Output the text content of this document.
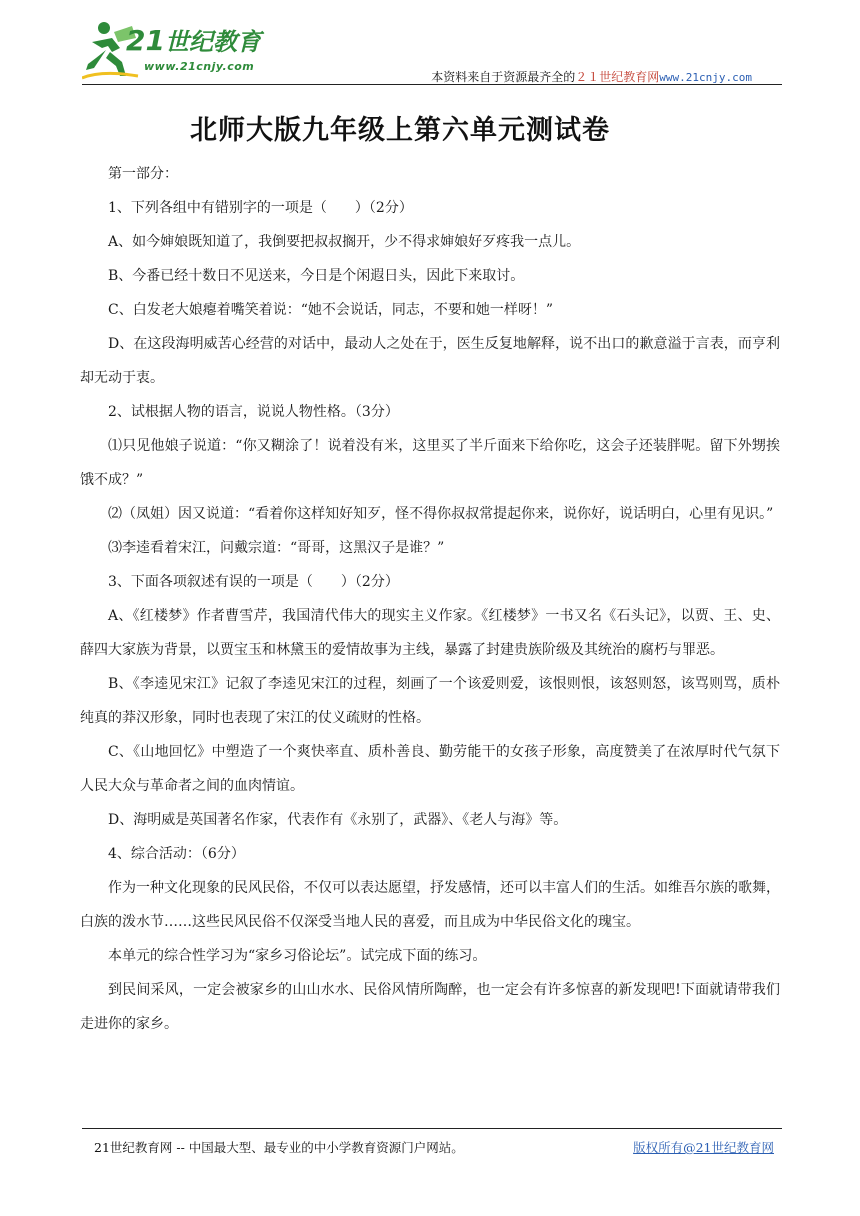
21世纪教育
www.21cnjy.com
本资料来自于资源最齐全的２１世纪教育网www.21cnjy.com
北师大版九年级上第六单元测试卷

第一部分：

1、下列各组中有错别字的一项是（　　）（2分）

A、如今婶娘既知道了，我倒要把叔叔搁开，少不得求婶娘好歹疼我一点儿。

B、今番已经十数日不见送来，今日是个闲遐日头，因此下来取讨。

C、白发老大娘瘪着嘴笑着说：“她不会说话，同志，不要和她一样呀！”

D、在这段海明威苦心经营的对话中，最动人之处在于，医生反复地解释，说不出口的歉意溢于言表，而亨利却无动于衷。

2、试根据人物的语言，说说人物性格。（3分）

⑴只见他娘子说道：“你又糊涂了！说着没有米，这里买了半斤面来下给你吃，这会子还装胖呢。留下外甥挨饿不成？”

⑵（凤姐）因又说道：“看着你这样知好知歹，怪不得你叔叔常提起你来，说你好，说话明白，心里有见识。”

⑶李逵看着宋江，问戴宗道：“哥哥，这黑汉子是谁？”

3、下面各项叙述有误的一项是（　　）（2分）

A、《红楼梦》作者曹雪芹，我国清代伟大的现实主义作家。《红楼梦》一书又名《石头记》，以贾、王、史、薛四大家族为背景，以贾宝玉和林黛玉的爱情故事为主线，暴露了封建贵族阶级及其统治的腐朽与罪恶。

B、《李逵见宋江》记叙了李逵见宋江的过程，刻画了一个该爱则爱，该恨则恨，该怒则怒，该骂则骂，质朴纯真的莽汉形象，同时也表现了宋江的仗义疏财的性格。

C、《山地回忆》中塑造了一个爽快率直、质朴善良、勤劳能干的女孩子形象，高度赞美了在浓厚时代气氛下人民大众与革命者之间的血肉情谊。

D、海明威是英国著名作家，代表作有《永别了，武器》、《老人与海》等。

4、综合活动：（6分）

作为一种文化现象的民风民俗，不仅可以表达愿望，抒发感情，还可以丰富人们的生活。如维吾尔族的歌舞，白族的泼水节……这些民风民俗不仅深受当地人民的喜爱，而且成为中华民俗文化的瑰宝。

本单元的综合性学习为“家乡习俗论坛”。试完成下面的练习。

到民间采风，一定会被家乡的山山水水、民俗风情所陶醉，也一定会有许多惊喜的新发现吧!下面就请带我们走进你的家乡。

21世纪教育网 -- 中国最大型、最专业的中小学教育资源门户网站。	版权所有@21世纪教育网
